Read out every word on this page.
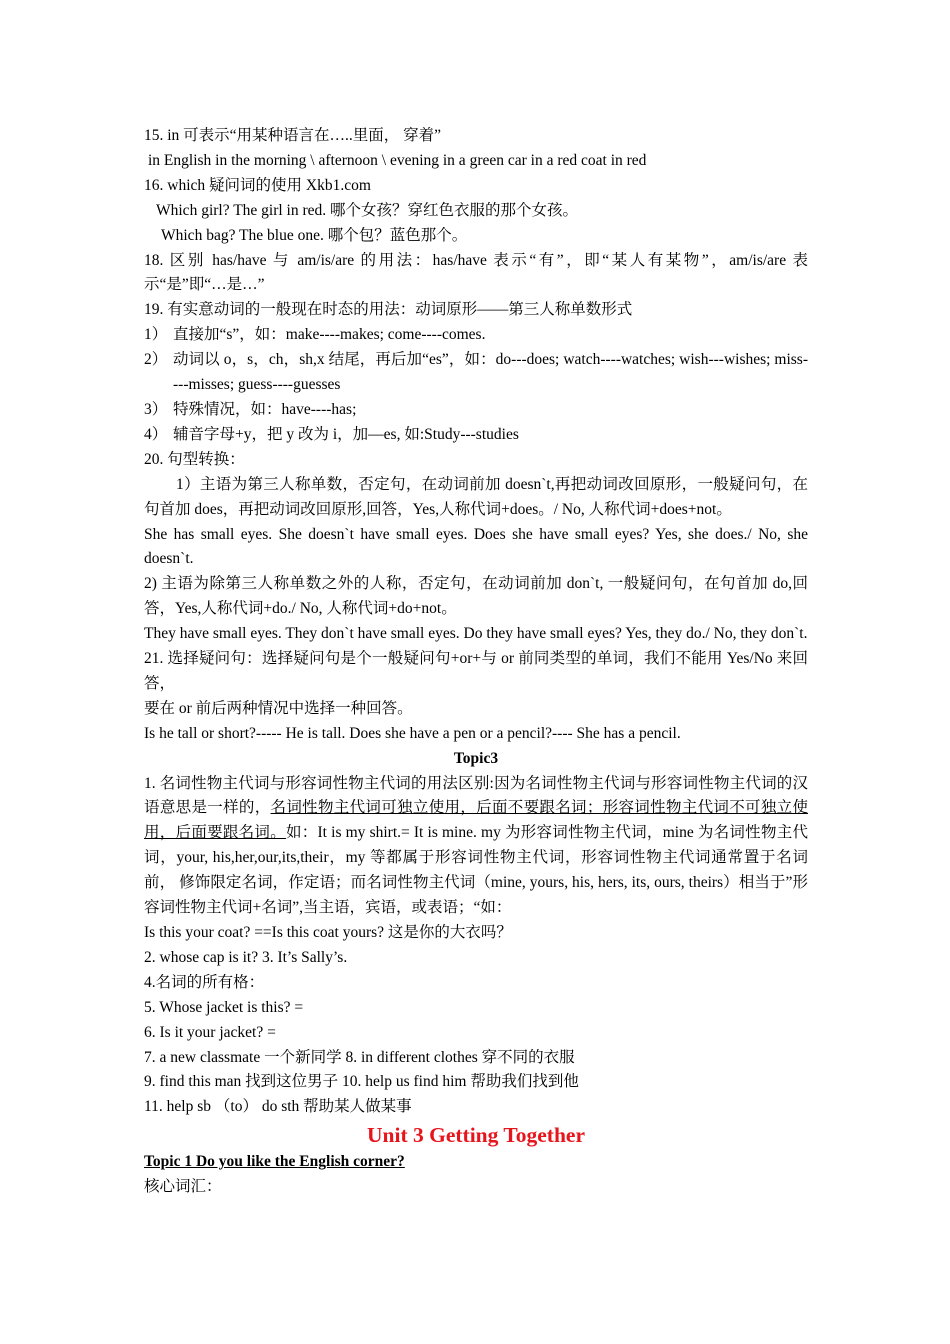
15. in 可表示“用某种语言在…..里面， 穿着”
in English in the morning \ afternoon \ evening in a green car in a red coat in red
16. which 疑问词的使用 Xkb1.com
Which girl? The girl in red. 哪个女孩？穿红色衣服的那个女孩。
Which bag? The blue one. 哪个包？蓝色那个。
18. 区别 has/have 与 am/is/are 的用法：has/have 表示“有”，即“某人有某物”，am/is/are 表示“是”即“…是…”
19. 有实意动词的一般现在时态的用法：动词原形——第三人称单数形式
1） 直接加“s”，如：make----makes; come----comes.
2） 动词以 o，s，ch，sh,x 结尾，再后加“es”，如：do---does; watch----watches; wish---wishes; miss----misses; guess----guesses
3） 特殊情况，如：have----has;
4） 辅音字母+y，把 y 改为 i，加—es, 如:Study---studies
20. 句型转换：
1）主语为第三人称单数，否定句，在动词前加 doesn`t,再把动词改回原形，一般疑问句，在句首加 does，再把动词改回原形,回答，Yes,人称代词+does。/ No, 人称代词+does+not。
She has small eyes. She doesn`t have small eyes. Does she have small eyes? Yes, she does./ No, she doesn`t.
2) 主语为除第三人称单数之外的人称，否定句，在动词前加 don`t, 一般疑问句，在句首加 do,回答，Yes,人称代词+do./ No, 人称代词+do+not。
They have small eyes. They don`t have small eyes. Do they have small eyes? Yes, they do./ No, they don`t.
21. 选择疑问句：选择疑问句是个一般疑问句+or+与 or 前同类型的单词，我们不能用 Yes/No 来回答，
要在 or 前后两种情况中选择一种回答。
Is he tall or short?----- He is tall. Does she have a pen or a pencil?---- She has a pencil.
Topic3
1. 名词性物主代词与形容词性物主代词的用法区别:因为名词性物主代词与形容词性物主代词的汉语意思是一样的，名词性物主代词可独立使用，后面不要跟名词；形容词性物主代词不可独立使用，后面要跟名词。如：It is my shirt.= It is mine. my 为形容词性物主代词，mine 为名词性物主代词，your, his,her,our,its,their，my 等都属于形容词性物主代词，形容词性物主代词通常置于名词前， 修饰限定名词，作定语；而名词性物主代词（mine, yours, his, hers, its, ours, theirs）相当于”形容词性物主代词+名词”,当主语，宾语，或表语；“如：
Is this your coat? ==Is this coat yours? 这是你的大衣吗？
2. whose cap is it? 3. It’s Sally’s.
4.名词的所有格：
5. Whose jacket is this? =
6. Is it your jacket? =
7. a new classmate 一个新同学 8. in different clothes 穿不同的衣服
9. find this man 找到这位男子 10. help us find him 帮助我们找到他
11. help sb （to） do sth 帮助某人做某事
Unit 3 Getting Together
Topic 1 Do you like the English corner?
核心词汇：
